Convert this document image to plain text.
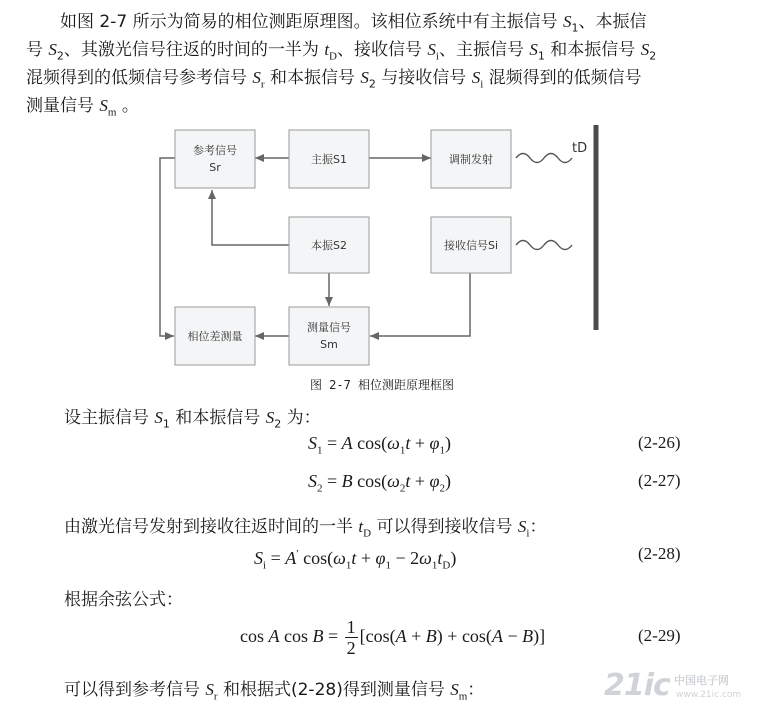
如图 2-7 所示为简易的相位测距原理图。该相位系统中有主振信号 $S_1$、本振信
号 $S_2$、其激光信号往返的时间的一半为 $t_D$、接收信号 $S_i$、主振信号 $S_1$ 和本振信号 $S_2$
混频得到的低频信号参考信号 $S_r$ 和本振信号 $S_2$ 与接收信号 $S_i$ 混频得到的低频信号
测量信号 $S_m$ 。
参考信号
Sr
主振S1	调制发射
本振S2	接收信号Si
相位差测量
测量信号
Sm
tD
图 2-7 相位测距原理框图
设主振信号 $S_1$ 和本振信号 $S_2$ 为：
$S_1 = A$ $\cos(\omega_1t + \varphi_1)$	(2-26)
$S_2 = B$ $\cos(\omega_2t + \varphi_2)$	(2-27)
由激光信号发射到接收往返时间的一半 $t_D$ 可以得到接收信号 $S_i$：
$S_i = A'$ $\cos(\omega_1t + \varphi_1 - 2\omega_1t_D)$	(2-28)
根据余弦公式：
cos A $\cos B = \frac{1}{2} [\cos(A + B) + \cos(A - B)]$	(2-29)
可以得到参考信号 $S_r$ 和根据式(2-28)得到测量信号 $S_m$：	21ic 中国电子网
www.21ic.com
